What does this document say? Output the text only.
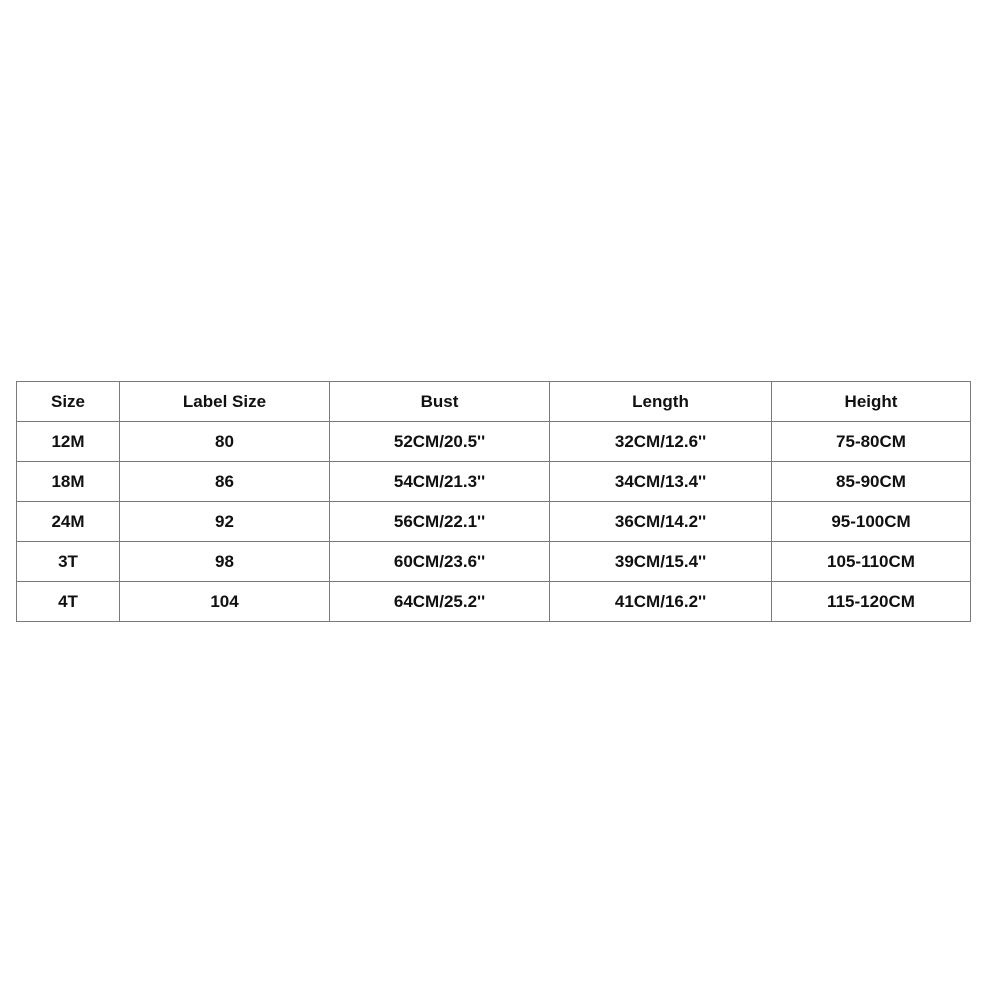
Size	Label Size	Bust	Length	Height
12M	80	52CM/20.5''	32CM/12.6''	75-80CM
18M	86	54CM/21.3''	34CM/13.4''	85-90CM
24M	92	56CM/22.1''	36CM/14.2''	95-100CM
3T	98	60CM/23.6''	39CM/15.4''	105-110CM
4T	104	64CM/25.2''	41CM/16.2''	115-120CM
